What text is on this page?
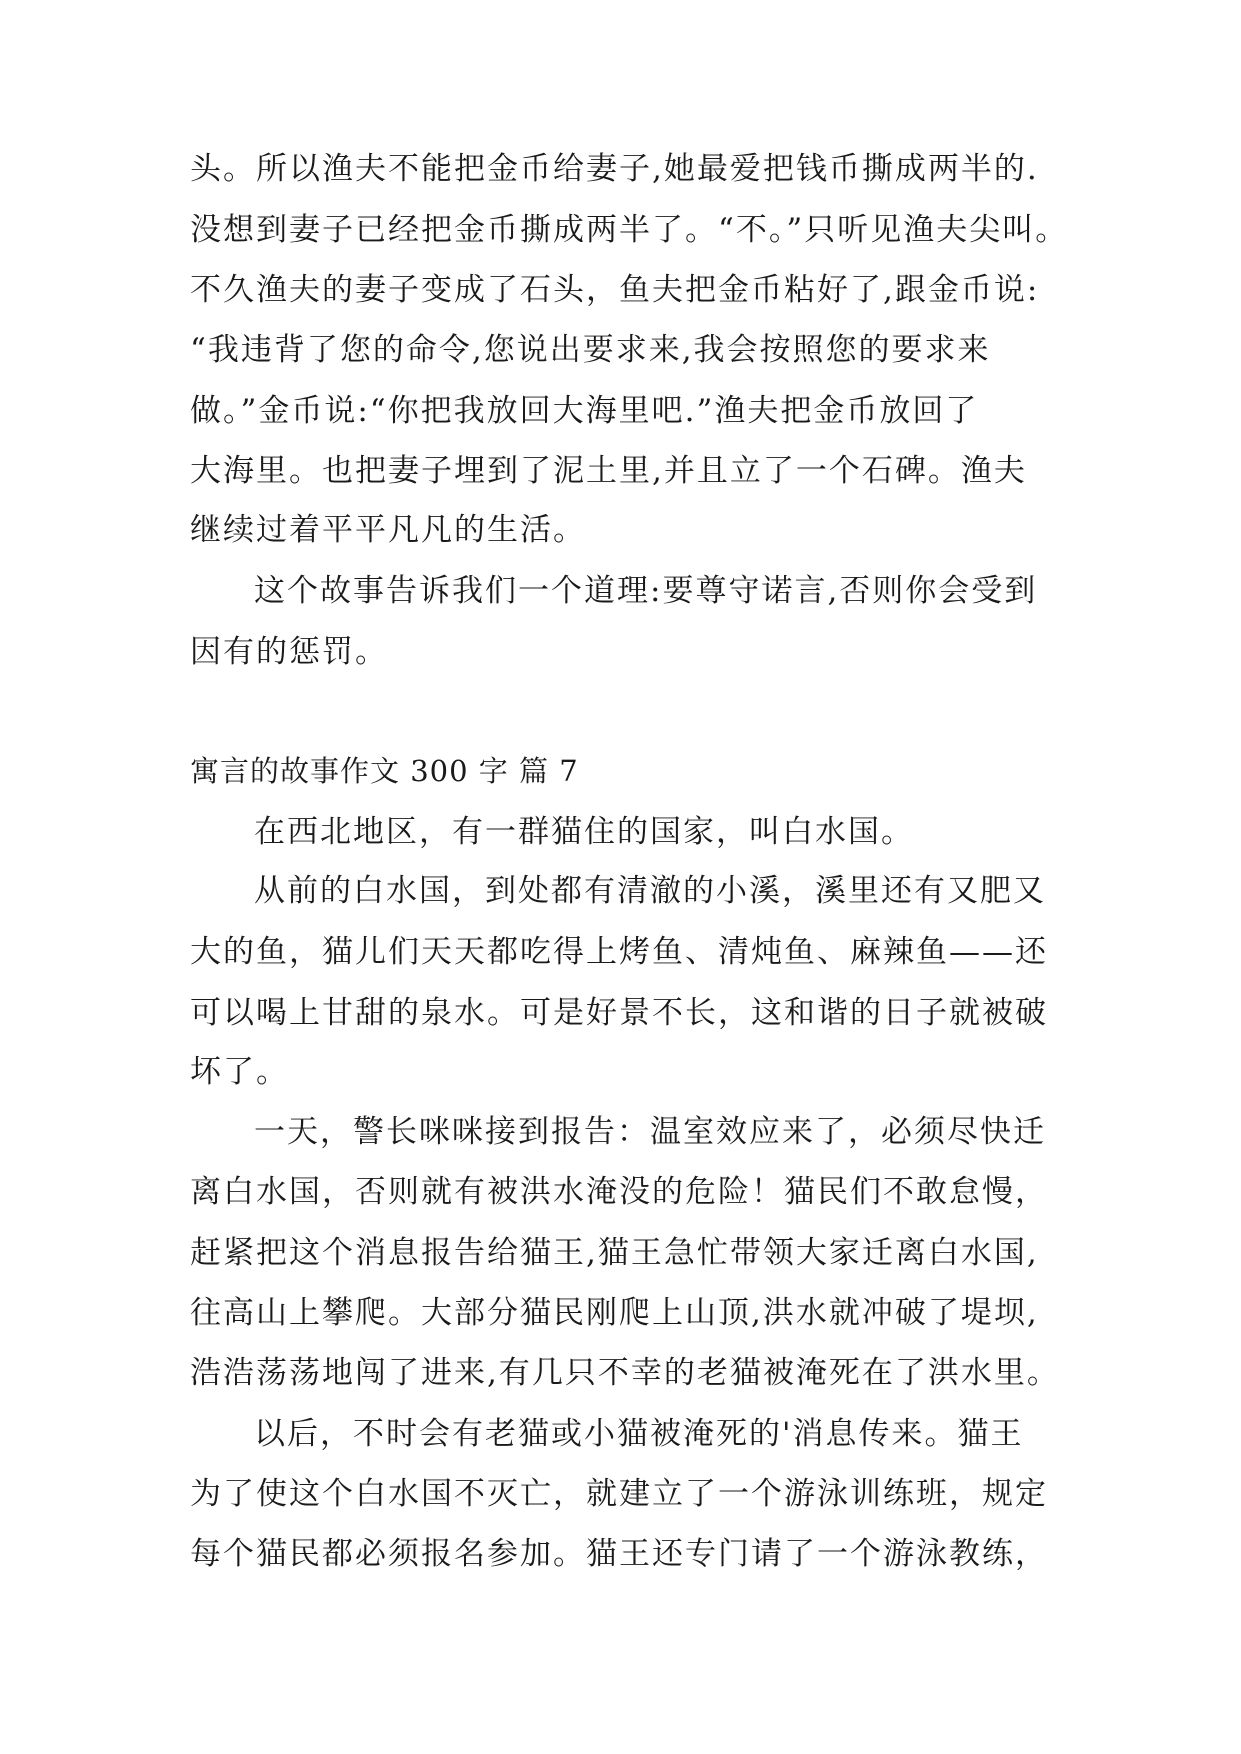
头。所以渔夫不能把金币给妻子,她最爱把钱币撕成两半的.
没想到妻子已经把金币撕成两半了。“不。”只听见渔夫尖叫。
不久渔夫的妻子变成了石头，鱼夫把金币粘好了,跟金币说:
“我违背了您的命令,您说出要求来,我会按照您的要求来
做。”金币说:“你把我放回大海里吧.”渔夫把金币放回了
大海里。也把妻子埋到了泥土里,并且立了一个石碑。渔夫
继续过着平平凡凡的生活。
这个故事告诉我们一个道理:要尊守诺言,否则你会受到
因有的惩罚。
寓言的故事作文 300 字 篇 7
在西北地区，有一群猫住的国家，叫白水国。
从前的白水国，到处都有清澈的小溪，溪里还有又肥又
大的鱼，猫儿们天天都吃得上烤鱼、清炖鱼、麻辣鱼——还
可以喝上甘甜的泉水。可是好景不长，这和谐的日子就被破
坏了。
一天，警长咪咪接到报告：温室效应来了，必须尽快迁
离白水国，否则就有被洪水淹没的危险！猫民们不敢怠慢，
赶紧把这个消息报告给猫王,猫王急忙带领大家迁离白水国,
往高山上攀爬。大部分猫民刚爬上山顶,洪水就冲破了堤坝,
浩浩荡荡地闯了进来,有几只不幸的老猫被淹死在了洪水里。
以后，不时会有老猫或小猫被淹死的'消息传来。猫王
为了使这个白水国不灭亡，就建立了一个游泳训练班，规定
每个猫民都必须报名参加。猫王还专门请了一个游泳教练，
